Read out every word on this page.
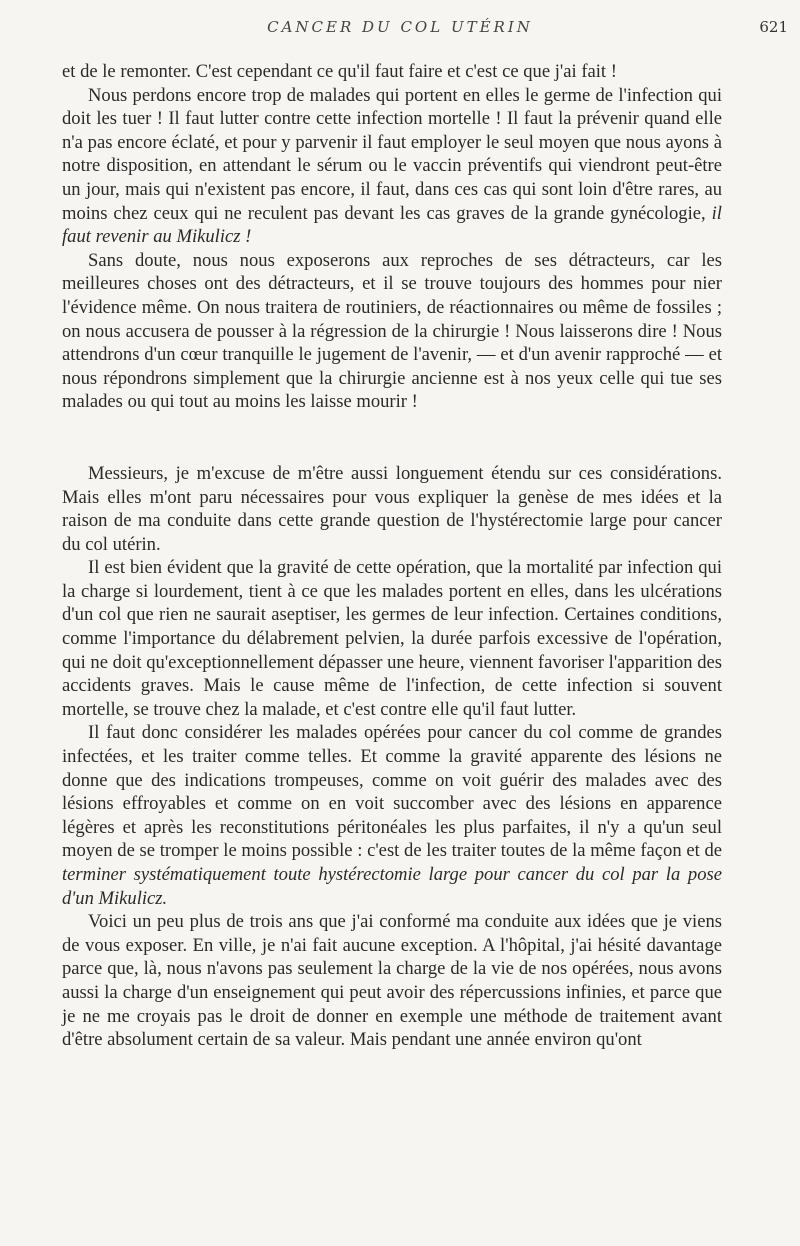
CANCER DU COL UTÉRIN	621

et de le remonter. C'est cependant ce qu'il faut faire et c'est ce que j'ai fait !

Nous perdons encore trop de malades qui portent en elles le germe de l'infection qui doit les tuer ! Il faut lutter contre cette infection mortelle ! Il faut la prévenir quand elle n'a pas encore éclaté, et pour y parvenir il faut employer le seul moyen que nous ayons à notre disposition, en attendant le sérum ou le vaccin préventifs qui viendront peut-être un jour, mais qui n'existent pas encore, il faut, dans ces cas qui sont loin d'être rares, au moins chez ceux qui ne reculent pas devant les cas graves de la grande gynécologie, il faut revenir au Mikulicz !

Sans doute, nous nous exposerons aux reproches de ses détracteurs, car les meilleures choses ont des détracteurs, et il se trouve toujours des hommes pour nier l'évidence même. On nous traitera de routiniers, de réactionnaires ou même de fossiles ; on nous accusera de pousser à la régression de la chirurgie ! Nous laisserons dire ! Nous attendrons d'un cœur tranquille le jugement de l'avenir, — et d'un avenir rapproché — et nous répondrons simplement que la chirurgie ancienne est à nos yeux celle qui tue ses malades ou qui tout au moins les laisse mourir !

Messieurs, je m'excuse de m'être aussi longuement étendu sur ces considérations. Mais elles m'ont paru nécessaires pour vous expliquer la genèse de mes idées et la raison de ma conduite dans cette grande question de l'hystérectomie large pour cancer du col utérin.

Il est bien évident que la gravité de cette opération, que la mortalité par infection qui la charge si lourdement, tient à ce que les malades portent en elles, dans les ulcérations d'un col que rien ne saurait aseptiser, les germes de leur infection. Certaines conditions, comme l'importance du délabrement pelvien, la durée parfois excessive de l'opération, qui ne doit qu'exceptionnellement dépasser une heure, viennent favoriser l'apparition des accidents graves. Mais le cause même de l'infection, de cette infection si souvent mortelle, se trouve chez la malade, et c'est contre elle qu'il faut lutter.

Il faut donc considérer les malades opérées pour cancer du col comme de grandes infectées, et les traiter comme telles. Et comme la gravité apparente des lésions ne donne que des indications trompeuses, comme on voit guérir des malades avec des lésions effroyables et comme on en voit succomber avec des lésions en apparence légères et après les reconstitutions péritonéales les plus parfaites, il n'y a qu'un seul moyen de se tromper le moins possible : c'est de les traiter toutes de la même façon et de terminer systématiquement toute hystérectomie large pour cancer du col par la pose d'un Mikulicz.

Voici un peu plus de trois ans que j'ai conformé ma conduite aux idées que je viens de vous exposer. En ville, je n'ai fait aucune exception. A l'hôpital, j'ai hésité davantage parce que, là, nous n'avons pas seulement la charge de la vie de nos opérées, nous avons aussi la charge d'un enseignement qui peut avoir des répercussions infinies, et parce que je ne me croyais pas le droit de donner en exemple une méthode de traitement avant d'être absolument certain de sa valeur. Mais pendant une année environ qu'ont
